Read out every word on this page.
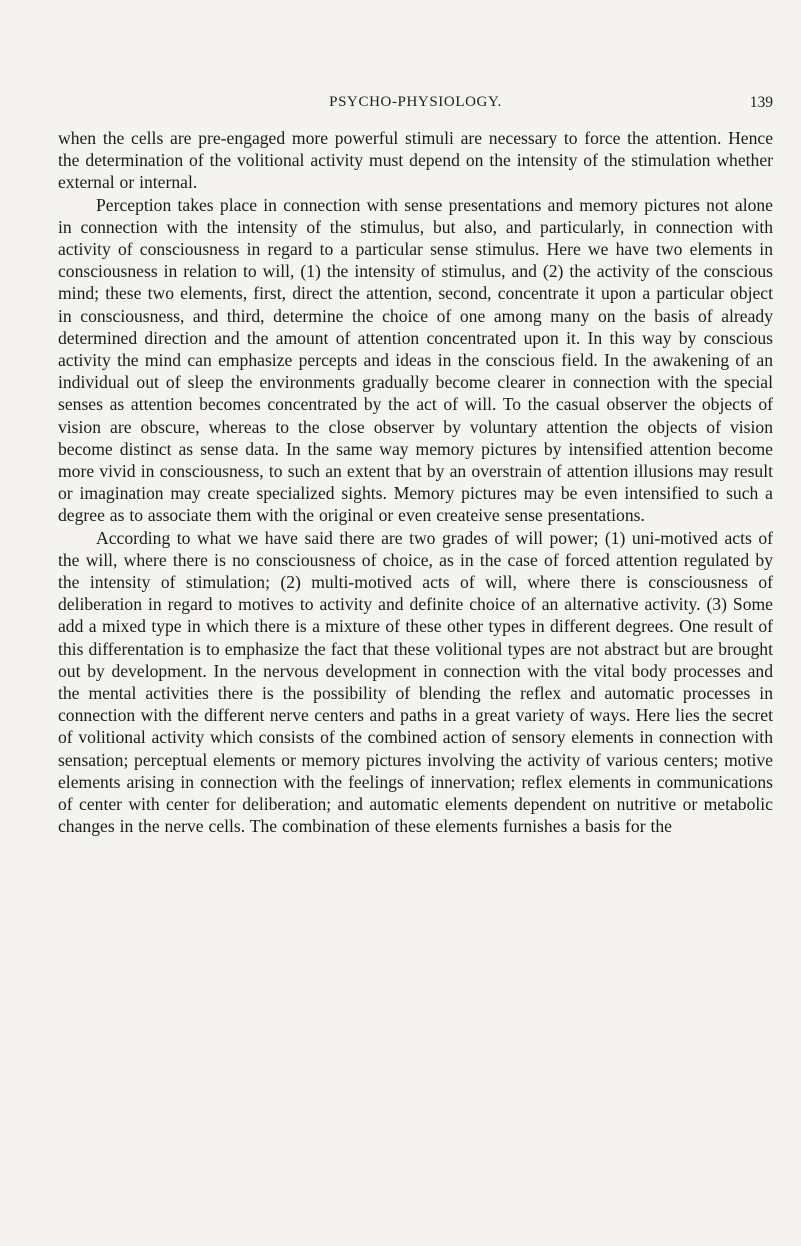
PSYCHO-PHYSIOLOGY.	139

when the cells are pre-engaged more powerful stimuli are necessary to force the attention. Hence the determination of the volitional activity must depend on the intensity of the stimulation whether external or internal.

Perception takes place in connection with sense presentations and memory pictures not alone in connection with the intensity of the stimulus, but also, and particularly, in connection with activity of consciousness in regard to a particular sense stimulus. Here we have two elements in consciousness in relation to will, (1) the intensity of stimulus, and (2) the activity of the conscious mind; these two elements, first, direct the attention, second, concentrate it upon a particular object in consciousness, and third, determine the choice of one among many on the basis of already determined direction and the amount of attention concentrated upon it. In this way by conscious activity the mind can emphasize percepts and ideas in the conscious field. In the awakening of an individual out of sleep the environments gradually become clearer in connection with the special senses as attention becomes concentrated by the act of will. To the casual observer the objects of vision are obscure, whereas to the close observer by voluntary attention the objects of vision become distinct as sense data. In the same way memory pictures by intensified attention become more vivid in consciousness, to such an extent that by an overstrain of attention illusions may result or imagination may create specialized sights. Memory pictures may be even intensified to such a degree as to associate them with the original or even createive sense presentations.

According to what we have said there are two grades of will power; (1) uni-motived acts of the will, where there is no consciousness of choice, as in the case of forced attention regulated by the intensity of stimulation; (2) multi-motived acts of will, where there is consciousness of deliberation in regard to motives to activity and definite choice of an alternative activity. (3) Some add a mixed type in which there is a mixture of these other types in different degrees. One result of this differentation is to emphasize the fact that these volitional types are not abstract but are brought out by development. In the nervous development in connection with the vital body processes and the mental activities there is the possibility of blending the reflex and automatic processes in connection with the different nerve centers and paths in a great variety of ways. Here lies the secret of volitional activity which consists of the combined action of sensory elements in connection with sensation; perceptual elements or memory pictures involving the activity of various centers; motive elements arising in connection with the feelings of innervation; reflex elements in communications of center with center for deliberation; and automatic elements dependent on nutritive or metabolic changes in the nerve cells. The combination of these elements furnishes a basis for the
